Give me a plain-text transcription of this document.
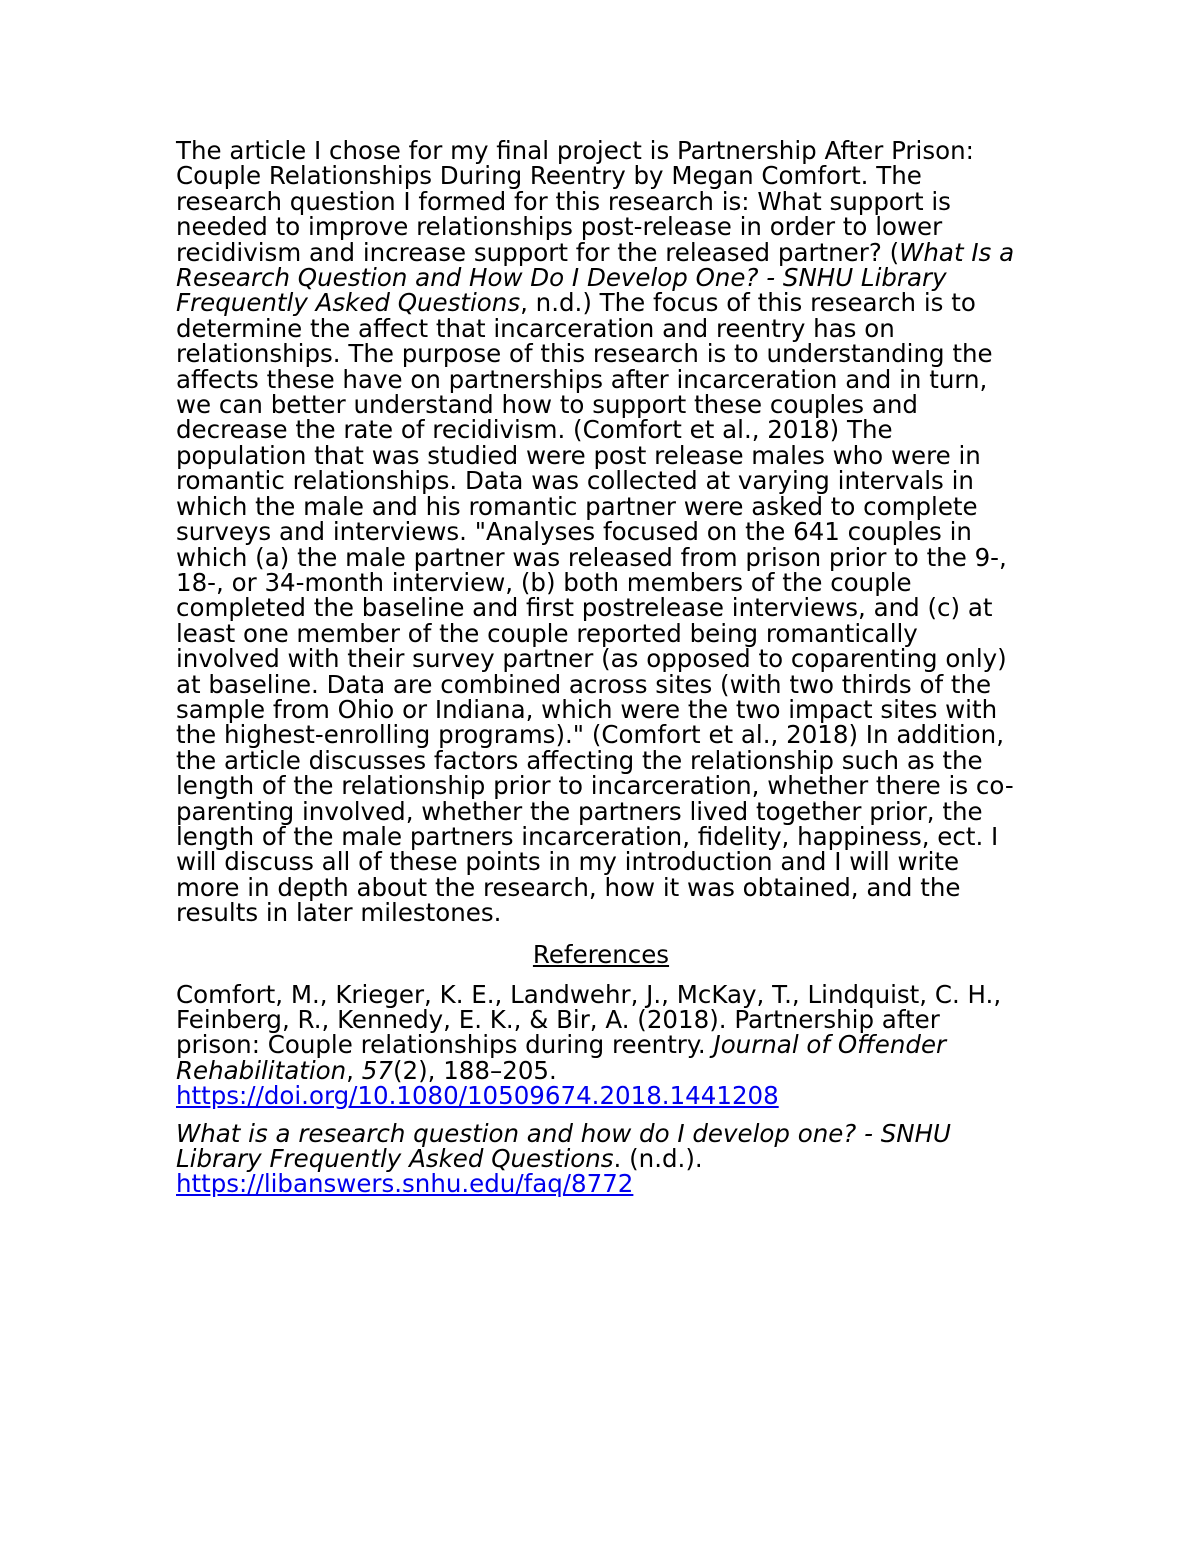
The article I chose for my final project is Partnership After Prison: Couple Relationships During Reentry by Megan Comfort. The research question I formed for this research is: What support is needed to improve relationships post-release in order to lower recidivism and increase support for the released partner? (What Is a Research Question and How Do I Develop One? - SNHU Library Frequently Asked Questions, n.d.) The focus of this research is to determine the affect that incarceration and reentry has on relationships. The purpose of this research is to understanding the affects these have on partnerships after incarceration and in turn, we can better understand how to support these couples and decrease the rate of recidivism. (Comfort et al., 2018) The population that was studied were post release males who were in romantic relationships. Data was collected at varying intervals in which the male and his romantic partner were asked to complete surveys and interviews. "Analyses focused on the 641 couples in which (a) the male partner was released from prison prior to the 9-, 18-, or 34-month interview, (b) both members of the couple completed the baseline and first postrelease interviews, and (c) at least one member of the couple reported being romantically involved with their survey partner (as opposed to coparenting only) at baseline. Data are combined across sites (with two thirds of the sample from Ohio or Indiana, which were the two impact sites with the highest-enrolling programs)." (Comfort et al., 2018) In addition, the article discusses factors affecting the relationship such as the length of the relationship prior to incarceration, whether there is co-parenting involved, whether the partners lived together prior, the length of the male partners incarceration, fidelity, happiness, ect. I will discuss all of these points in my introduction and I will write more in depth about the research, how it was obtained, and the results in later milestones.

References

Comfort, M., Krieger, K. E., Landwehr, J., McKay, T., Lindquist, C. H., Feinberg, R., Kennedy, E. K., & Bir, A. (2018). Partnership after prison: Couple relationships during reentry. Journal of Offender Rehabilitation, 57(2), 188–205. https://doi.org/10.1080/10509674.2018.1441208

What is a research question and how do I develop one? - SNHU Library Frequently Asked Questions. (n.d.). https://libanswers.snhu.edu/faq/8772
